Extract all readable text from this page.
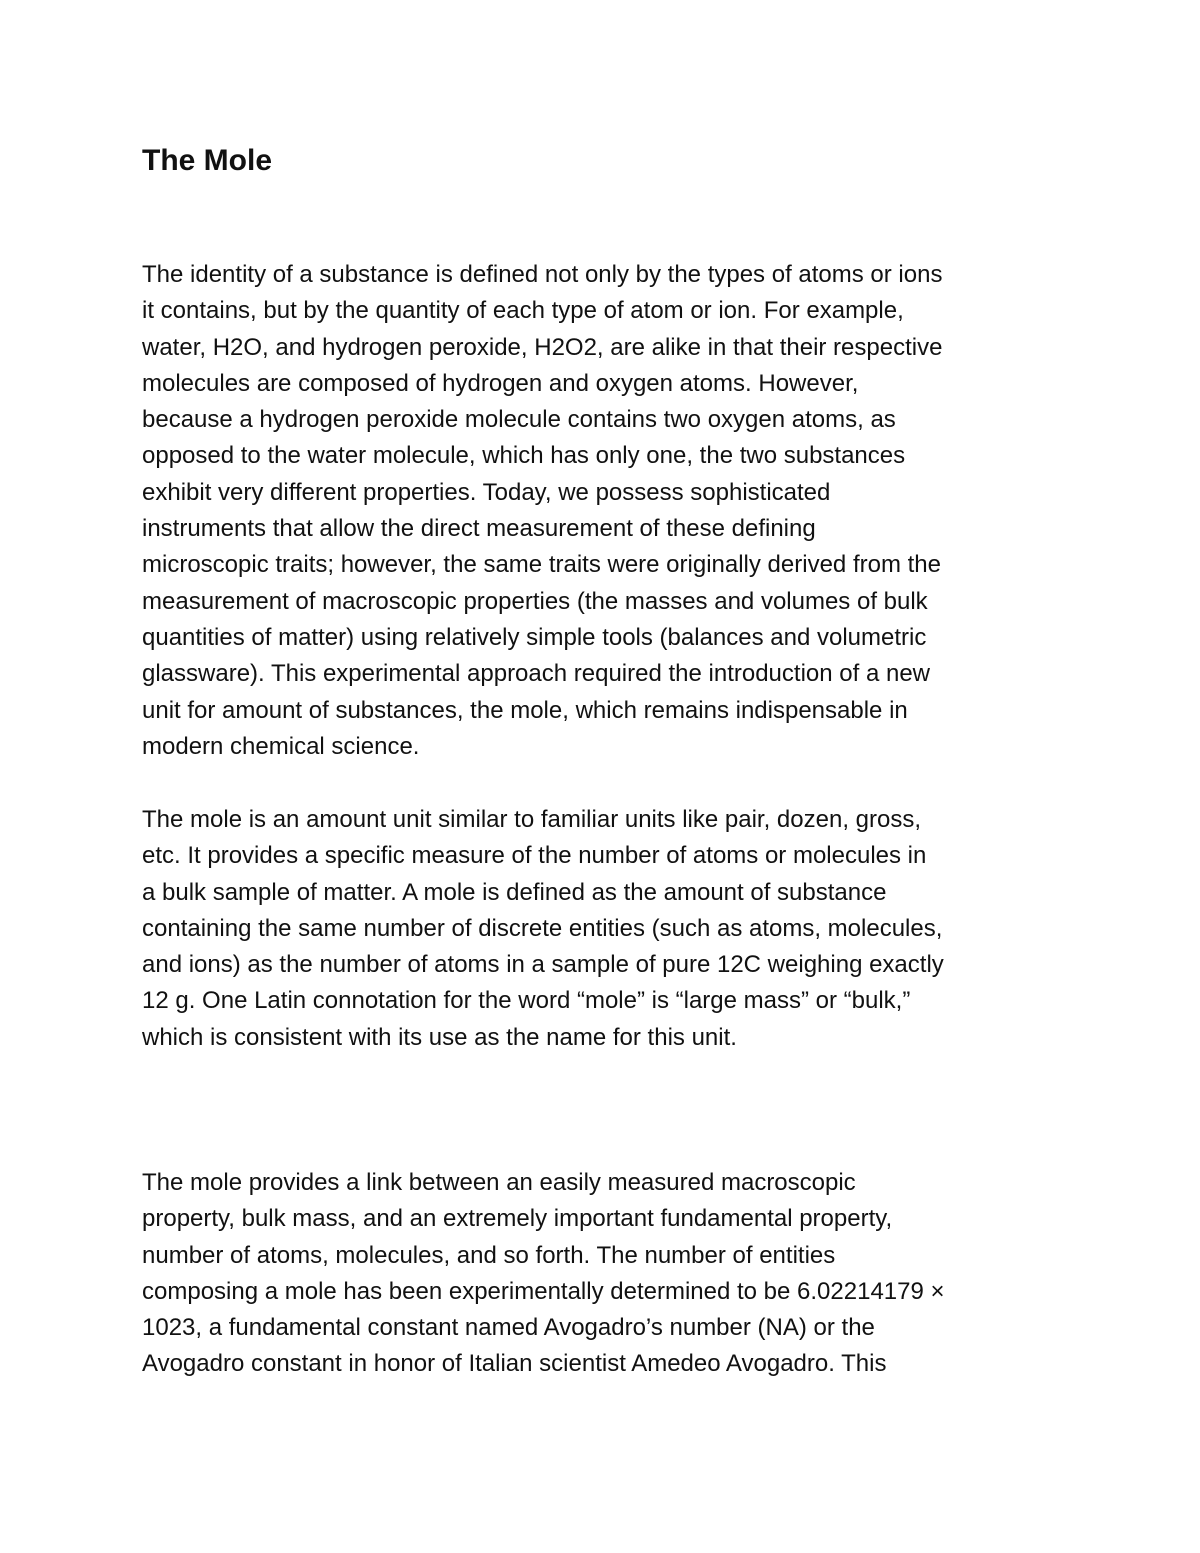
The Mole

The identity of a substance is defined not only by the types of atoms or ions
it contains, but by the quantity of each type of atom or ion. For example,
water, H2O, and hydrogen peroxide, H2O2, are alike in that their respective
molecules are composed of hydrogen and oxygen atoms. However,
because a hydrogen peroxide molecule contains two oxygen atoms, as
opposed to the water molecule, which has only one, the two substances
exhibit very different properties. Today, we possess sophisticated
instruments that allow the direct measurement of these defining
microscopic traits; however, the same traits were originally derived from the
measurement of macroscopic properties (the masses and volumes of bulk
quantities of matter) using relatively simple tools (balances and volumetric
glassware). This experimental approach required the introduction of a new
unit for amount of substances, the mole, which remains indispensable in
modern chemical science.

The mole is an amount unit similar to familiar units like pair, dozen, gross,
etc. It provides a specific measure of the number of atoms or molecules in
a bulk sample of matter. A mole is defined as the amount of substance
containing the same number of discrete entities (such as atoms, molecules,
and ions) as the number of atoms in a sample of pure 12C weighing exactly
12 g. One Latin connotation for the word “mole” is “large mass” or “bulk,”
which is consistent with its use as the name for this unit.

The mole provides a link between an easily measured macroscopic
property, bulk mass, and an extremely important fundamental property,
number of atoms, molecules, and so forth. The number of entities
composing a mole has been experimentally determined to be 6.02214179 ×
1023, a fundamental constant named Avogadro’s number (NA) or the
Avogadro constant in honor of Italian scientist Amedeo Avogadro. This
